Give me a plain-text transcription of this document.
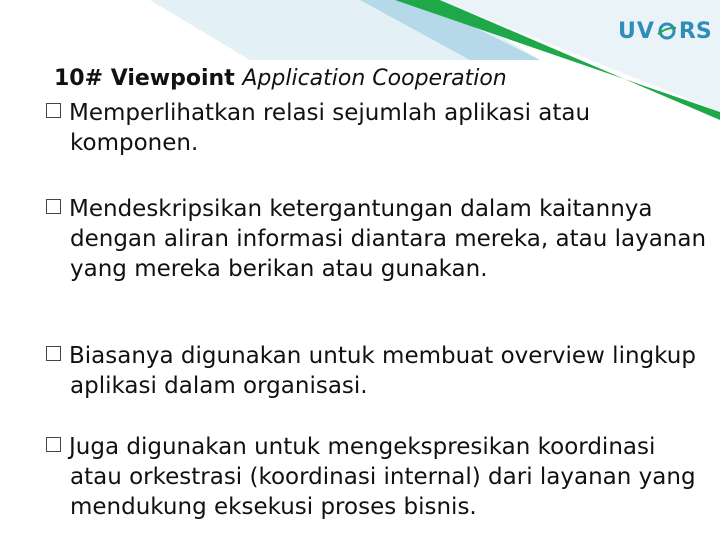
UV RS
10# Viewpoint Application Cooperation
Memperlihatkan relasi sejumlah aplikasi atau komponen.
Mendeskripsikan ketergantungan dalam kaitannya dengan aliran informasi diantara mereka, atau layanan yang mereka berikan atau gunakan.
Biasanya digunakan untuk membuat overview lingkup aplikasi dalam organisasi.
Juga digunakan untuk mengekspresikan koordinasi atau orkestrasi (koordinasi internal) dari layanan yang mendukung eksekusi proses bisnis.
